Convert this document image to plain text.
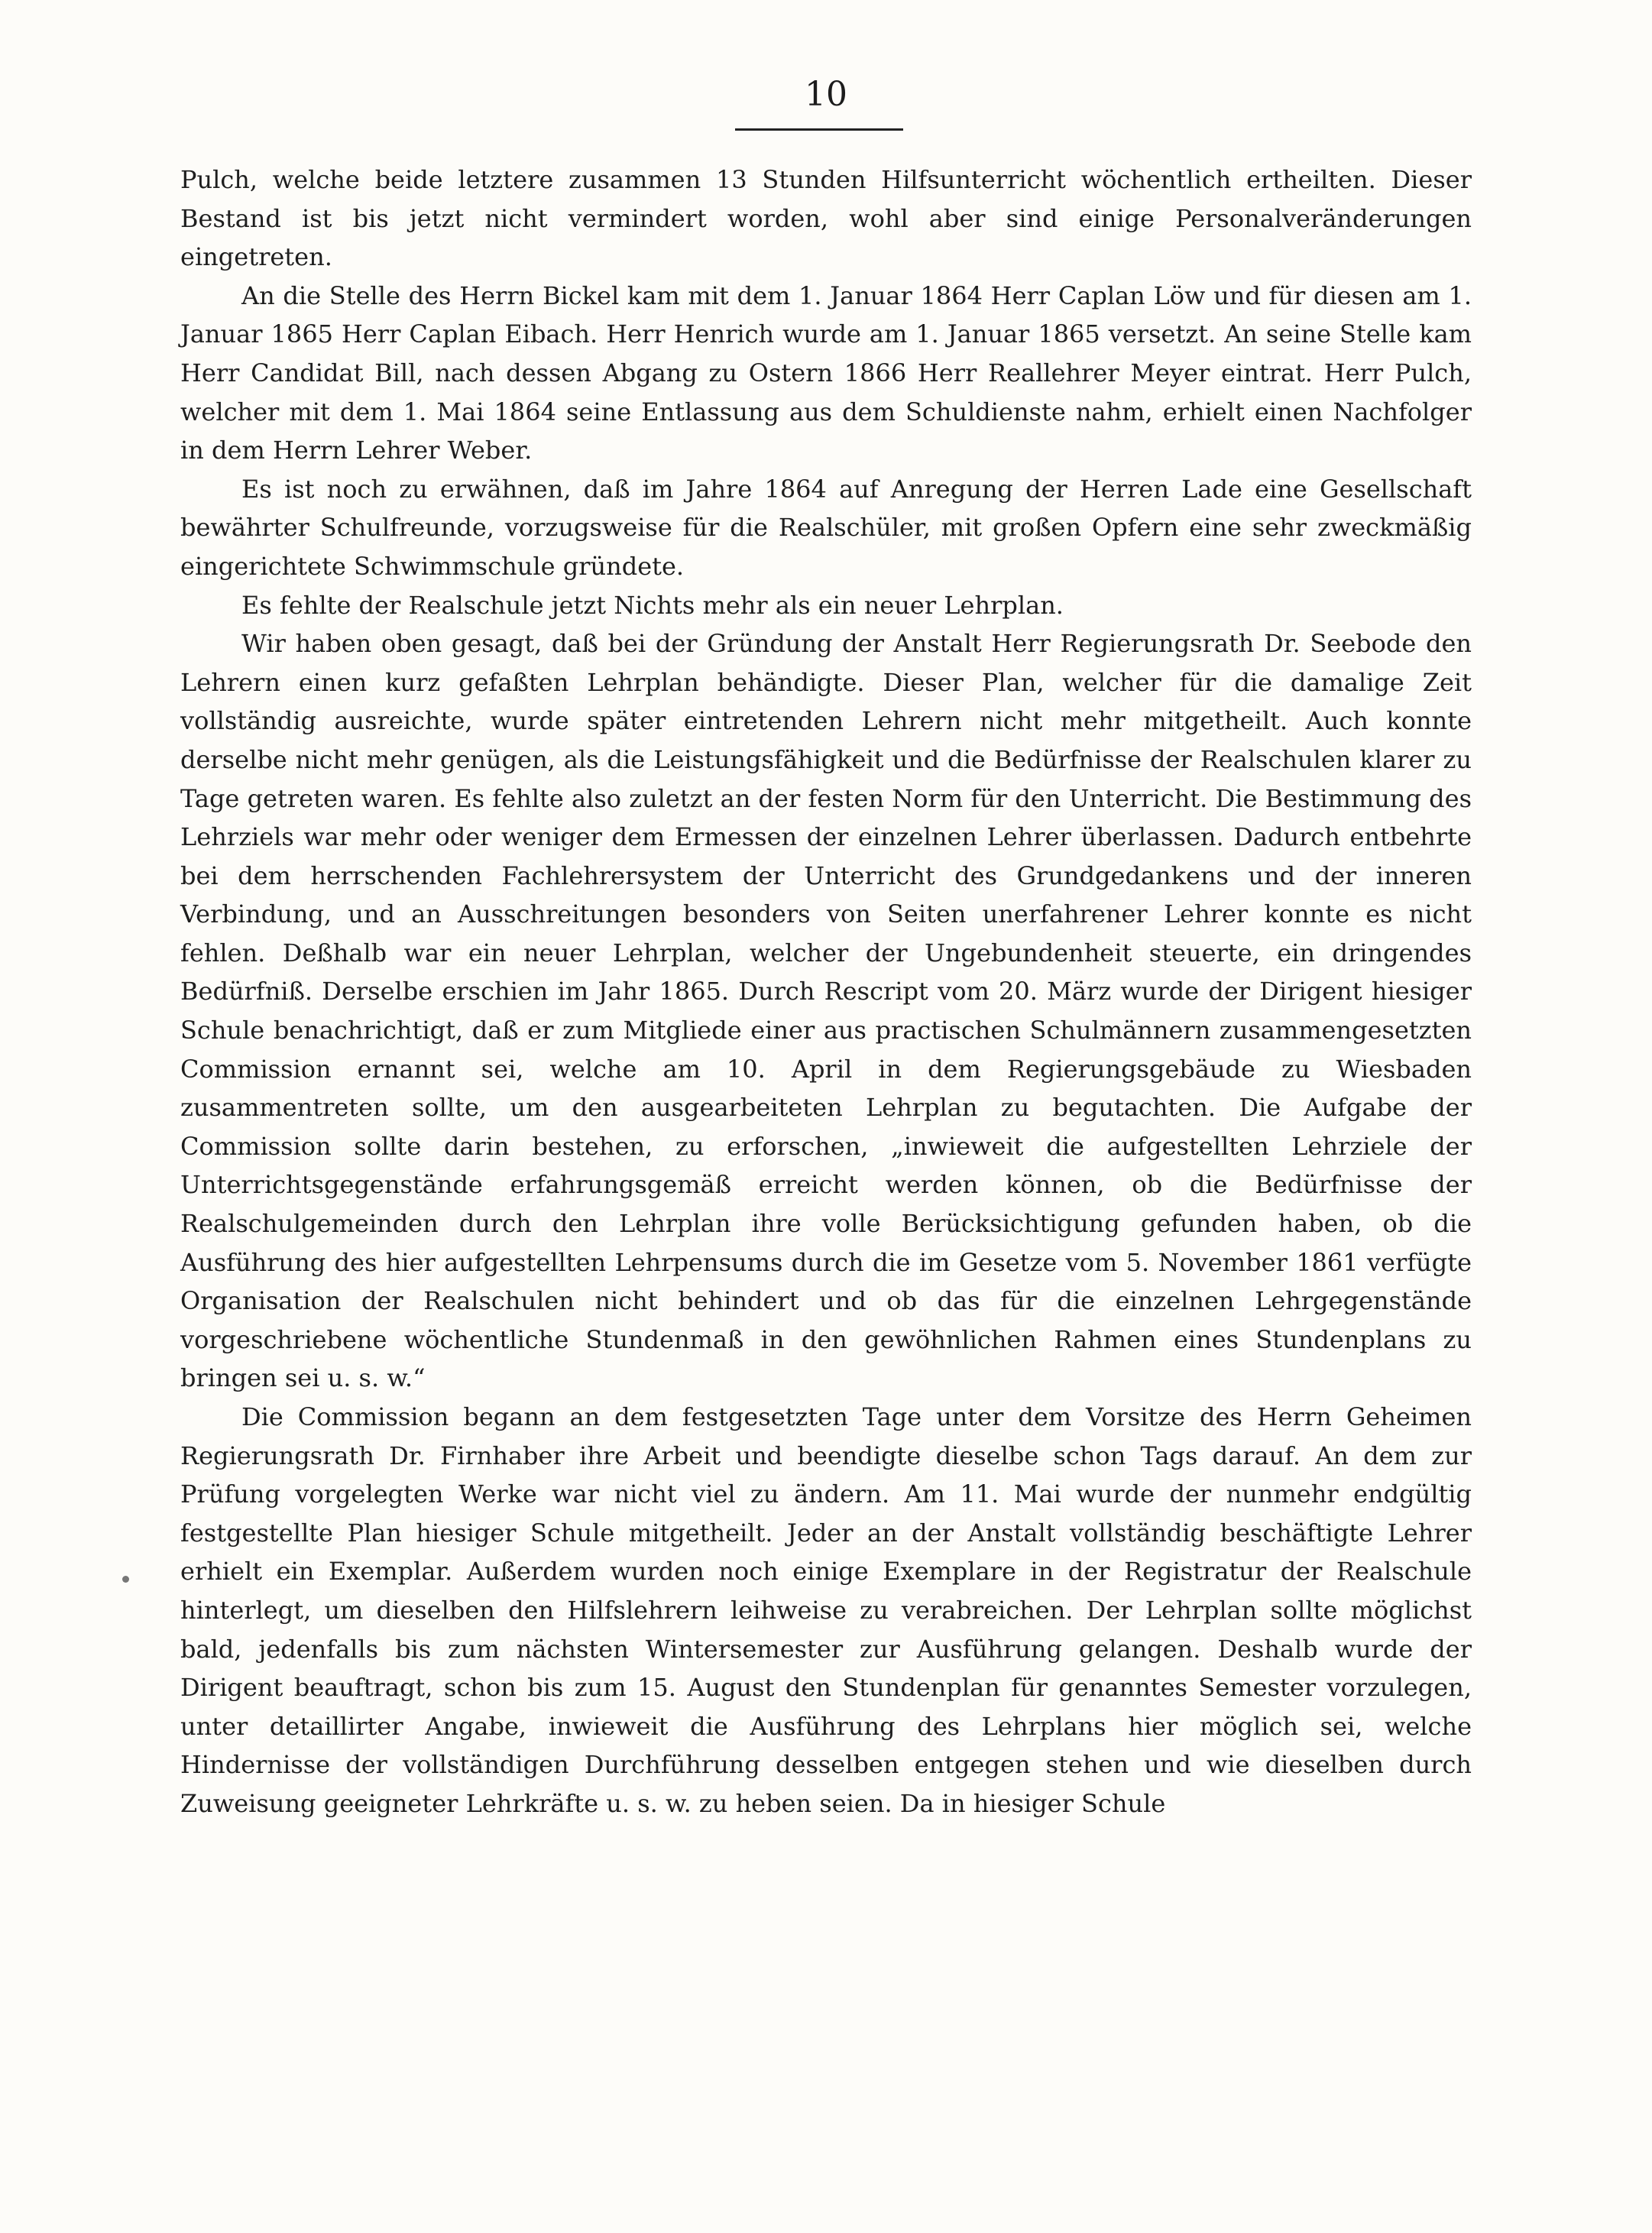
10

Pulch, welche beide letztere zusammen 13 Stunden Hilfsunterricht wöchentlich ertheilten. Dieser Bestand ist bis jetzt nicht vermindert worden, wohl aber sind einige Personalveränderungen eingetreten.

An die Stelle des Herrn Bickel kam mit dem 1. Januar 1864 Herr Caplan Löw und für diesen am 1. Januar 1865 Herr Caplan Eibach. Herr Henrich wurde am 1. Januar 1865 versetzt. An seine Stelle kam Herr Candidat Bill, nach dessen Abgang zu Ostern 1866 Herr Reallehrer Meyer eintrat. Herr Pulch, welcher mit dem 1. Mai 1864 seine Entlassung aus dem Schuldienste nahm, erhielt einen Nachfolger in dem Herrn Lehrer Weber.

Es ist noch zu erwähnen, daß im Jahre 1864 auf Anregung der Herren Lade eine Gesellschaft bewährter Schulfreunde, vorzugsweise für die Realschüler, mit großen Opfern eine sehr zweckmäßig eingerichtete Schwimmschule gründete.

Es fehlte der Realschule jetzt Nichts mehr als ein neuer Lehrplan.

Wir haben oben gesagt, daß bei der Gründung der Anstalt Herr Regierungsrath Dr. Seebode den Lehrern einen kurz gefaßten Lehrplan behändigte. Dieser Plan, welcher für die damalige Zeit vollständig ausreichte, wurde später eintretenden Lehrern nicht mehr mitgetheilt. Auch konnte derselbe nicht mehr genügen, als die Leistungsfähigkeit und die Bedürfnisse der Realschulen klarer zu Tage getreten waren. Es fehlte also zuletzt an der festen Norm für den Unterricht. Die Bestimmung des Lehrziels war mehr oder weniger dem Ermessen der einzelnen Lehrer überlassen. Dadurch entbehrte bei dem herrschenden Fachlehrersystem der Unterricht des Grundgedankens und der inneren Verbindung, und an Ausschreitungen besonders von Seiten unerfahrener Lehrer konnte es nicht fehlen. Deßhalb war ein neuer Lehrplan, welcher der Ungebundenheit steuerte, ein dringendes Bedürfniß. Derselbe erschien im Jahr 1865. Durch Rescript vom 20. März wurde der Dirigent hiesiger Schule benachrichtigt, daß er zum Mitgliede einer aus practischen Schulmännern zusammengesetzten Commission ernannt sei, welche am 10. April in dem Regierungsgebäude zu Wiesbaden zusammentreten sollte, um den ausgearbeiteten Lehrplan zu begutachten. Die Aufgabe der Commission sollte darin bestehen, zu erforschen, „inwieweit die aufgestellten Lehrziele der Unterrichtsgegenstände erfahrungsgemäß erreicht werden können, ob die Bedürfnisse der Realschulgemeinden durch den Lehrplan ihre volle Berücksichtigung gefunden haben, ob die Ausführung des hier aufgestellten Lehrpensums durch die im Gesetze vom 5. November 1861 verfügte Organisation der Realschulen nicht behindert und ob das für die einzelnen Lehrgegenstände vorgeschriebene wöchentliche Stundenmaß in den gewöhnlichen Rahmen eines Stundenplans zu bringen sei u. s. w.“

Die Commission begann an dem festgesetzten Tage unter dem Vorsitze des Herrn Geheimen Regierungsrath Dr. Firnhaber ihre Arbeit und beendigte dieselbe schon Tags darauf. An dem zur Prüfung vorgelegten Werke war nicht viel zu ändern. Am 11. Mai wurde der nunmehr endgültig festgestellte Plan hiesiger Schule mitgetheilt. Jeder an der Anstalt vollständig beschäftigte Lehrer erhielt ein Exemplar. Außerdem wurden noch einige Exemplare in der Registratur der Realschule hinterlegt, um dieselben den Hilfslehrern leihweise zu verabreichen. Der Lehrplan sollte möglichst bald, jedenfalls bis zum nächsten Wintersemester zur Ausführung gelangen. Deshalb wurde der Dirigent beauftragt, schon bis zum 15. August den Stundenplan für genanntes Semester vorzulegen, unter detaillirter Angabe, inwieweit die Ausführung des Lehrplans hier möglich sei, welche Hindernisse der vollständigen Durchführung desselben entgegen stehen und wie dieselben durch Zuweisung geeigneter Lehrkräfte u. s. w. zu heben seien. Da in hiesiger Schule
